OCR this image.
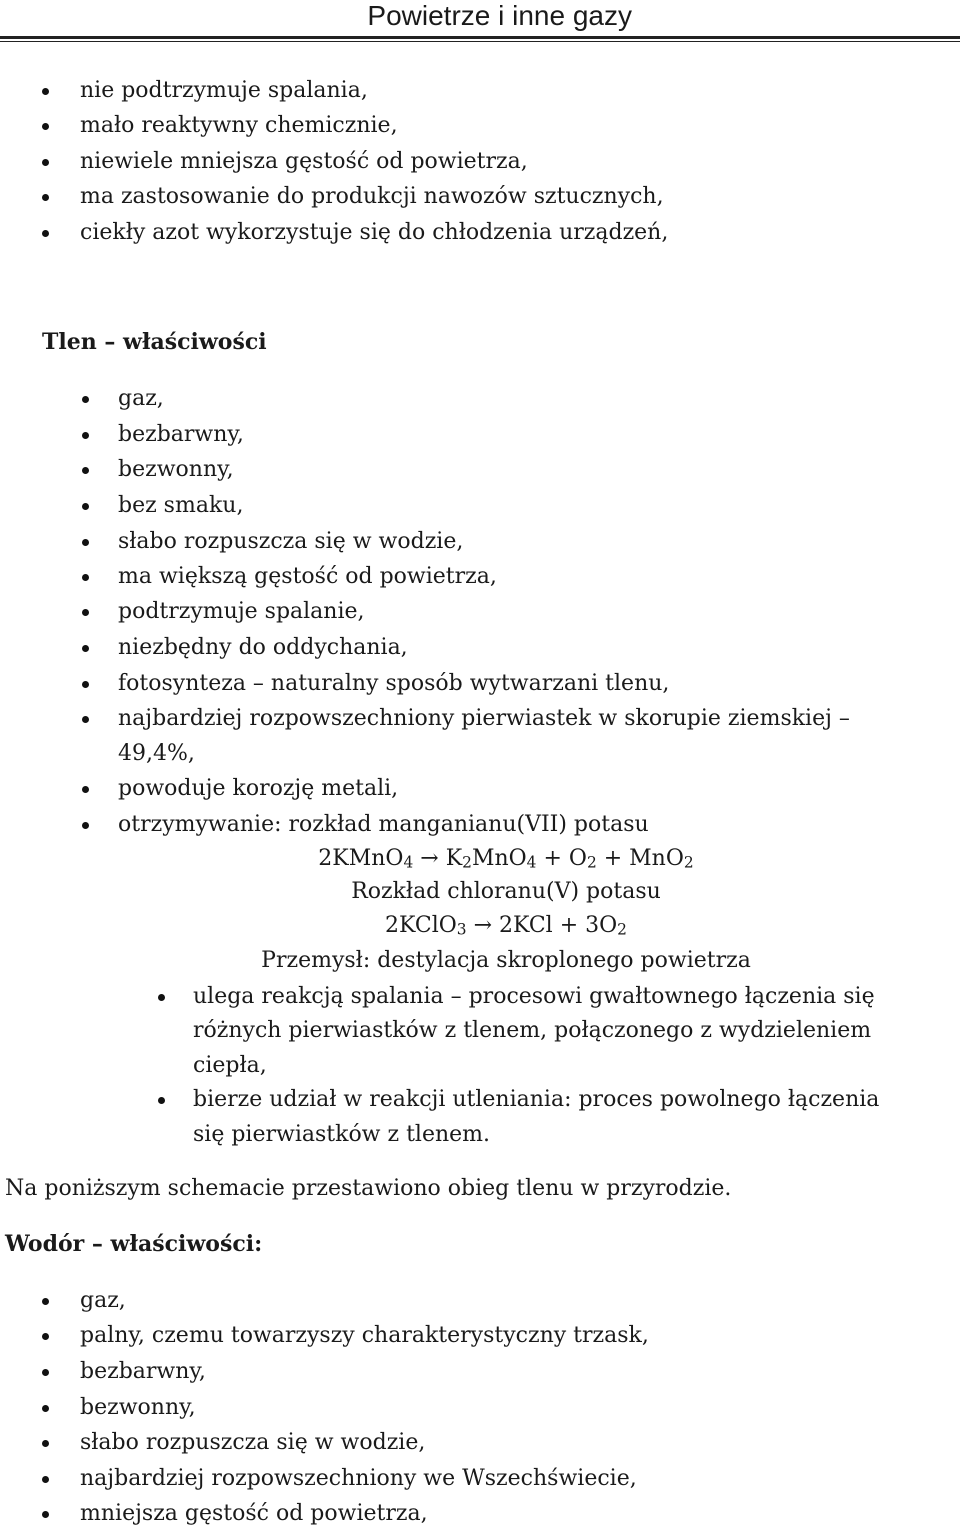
Powietrze i inne gazy
nie podtrzymuje spalania,
mało reaktywny chemicznie,
niewiele mniejsza gęstość od powietrza,
ma zastosowanie do produkcji nawozów sztucznych,
ciekły azot wykorzystuje się do chłodzenia urządzeń,
Tlen – właściwości
gaz,
bezbarwny,
bezwonny,
bez smaku,
słabo rozpuszcza się w wodzie,
ma większą gęstość od powietrza,
podtrzymuje spalanie,
niezbędny do oddychania,
fotosynteza – naturalny sposób wytwarzani tlenu,
najbardziej rozpowszechniony pierwiastek w skorupie ziemskiej –
49,4%,
powoduje korozję metali,
otrzymywanie: rozkład manganianu(VII) potasu
2KMnO$_4$ → $K_2MnO_4 + O_2 + MnO_2$
Rozkład chloranu(V) potasu
2KClO$_3$ → $2KCl + 3O_2$
Przemysł: destylacja skroplonego powietrza
ulega reakcją spalania – procesowi gwałtownego łączenia się
różnych pierwiastków z tlenem, połączonego z wydzieleniem
ciepła,
bierze udział w reakcji utleniania: proces powolnego łączenia
się pierwiastków z tlenem.
Na poniższym schemacie przestawiono obieg tlenu w przyrodzie.
Wodór – właściwości:
gaz,
palny, czemu towarzyszy charakterystyczny trzask,
bezbarwny,
bezwonny,
słabo rozpuszcza się w wodzie,
najbardziej rozpowszechniony we Wszechświecie,
mniejsza gęstość od powietrza,
